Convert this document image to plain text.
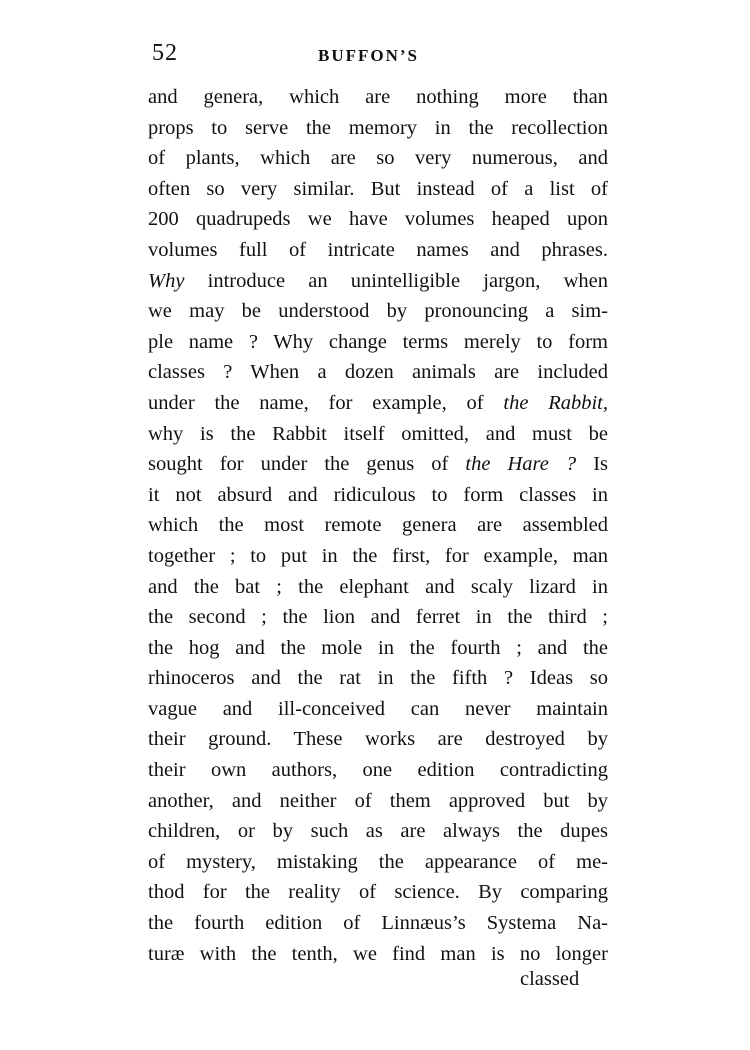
52	BUFFON’S
and genera, which are nothing more than
props to serve the memory in the recollection
of plants, which are so very numerous, and
often so very similar. But instead of a list of
200 quadrupeds we have volumes heaped upon
volumes full of intricate names and phrases.
Why introduce an unintelligible jargon, when
we may be understood by pronouncing a sim-
ple name ? Why change terms merely to form
classes ? When a dozen animals are included
under the name, for example, of the Rabbit,
why is the Rabbit itself omitted, and must be
sought for under the genus of the Hare ? Is
it not absurd and ridiculous to form classes in
which the most remote genera are assembled
together ; to put in the first, for example, man
and the bat ; the elephant and scaly lizard in
the second ; the lion and ferret in the third ;
the hog and the mole in the fourth ; and the
rhinoceros and the rat in the fifth ? Ideas so
vague and ill-conceived can never maintain
their ground. These works are destroyed by
their own authors, one edition contradicting
another, and neither of them approved but by
children, or by such as are always the dupes
of mystery, mistaking the appearance of me-
thod for the reality of science. By comparing
the fourth edition of Linnæus’s Systema Na-
turæ with the tenth, we find man is no longer
classed
